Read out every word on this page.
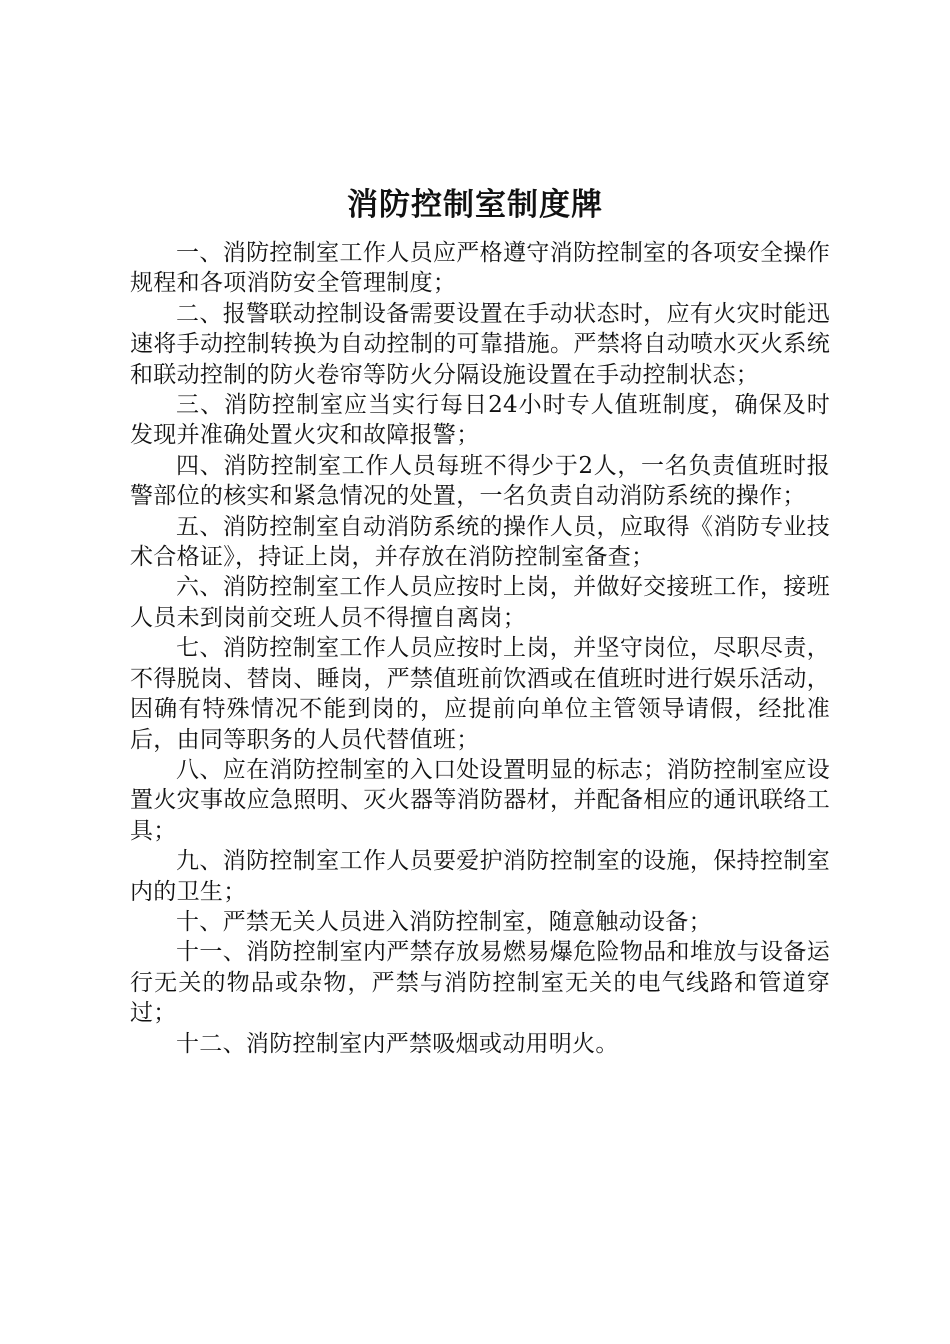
消防控制室制度牌

一、消防控制室工作人员应严格遵守消防控制室的各项安全操作规程和各项消防安全管理制度；

二、报警联动控制设备需要设置在手动状态时，应有火灾时能迅速将手动控制转换为自动控制的可靠措施。严禁将自动喷水灭火系统和联动控制的防火卷帘等防火分隔设施设置在手动控制状态；

三、消防控制室应当实行每日24小时专人值班制度，确保及时发现并准确处置火灾和故障报警；

四、消防控制室工作人员每班不得少于2人，一名负责值班时报警部位的核实和紧急情况的处置，一名负责自动消防系统的操作；

五、消防控制室自动消防系统的操作人员，应取得《消防专业技术合格证》，持证上岗，并存放在消防控制室备查；

六、消防控制室工作人员应按时上岗，并做好交接班工作，接班人员未到岗前交班人员不得擅自离岗；

七、消防控制室工作人员应按时上岗，并坚守岗位，尽职尽责，不得脱岗、替岗、睡岗，严禁值班前饮酒或在值班时进行娱乐活动，因确有特殊情况不能到岗的，应提前向单位主管领导请假，经批准后，由同等职务的人员代替值班；

八、应在消防控制室的入口处设置明显的标志；消防控制室应设置火灾事故应急照明、灭火器等消防器材，并配备相应的通讯联络工具；

九、消防控制室工作人员要爱护消防控制室的设施，保持控制室内的卫生；

十、严禁无关人员进入消防控制室，随意触动设备；

十一、消防控制室内严禁存放易燃易爆危险物品和堆放与设备运行无关的物品或杂物，严禁与消防控制室无关的电气线路和管道穿过；

十二、消防控制室内严禁吸烟或动用明火。
